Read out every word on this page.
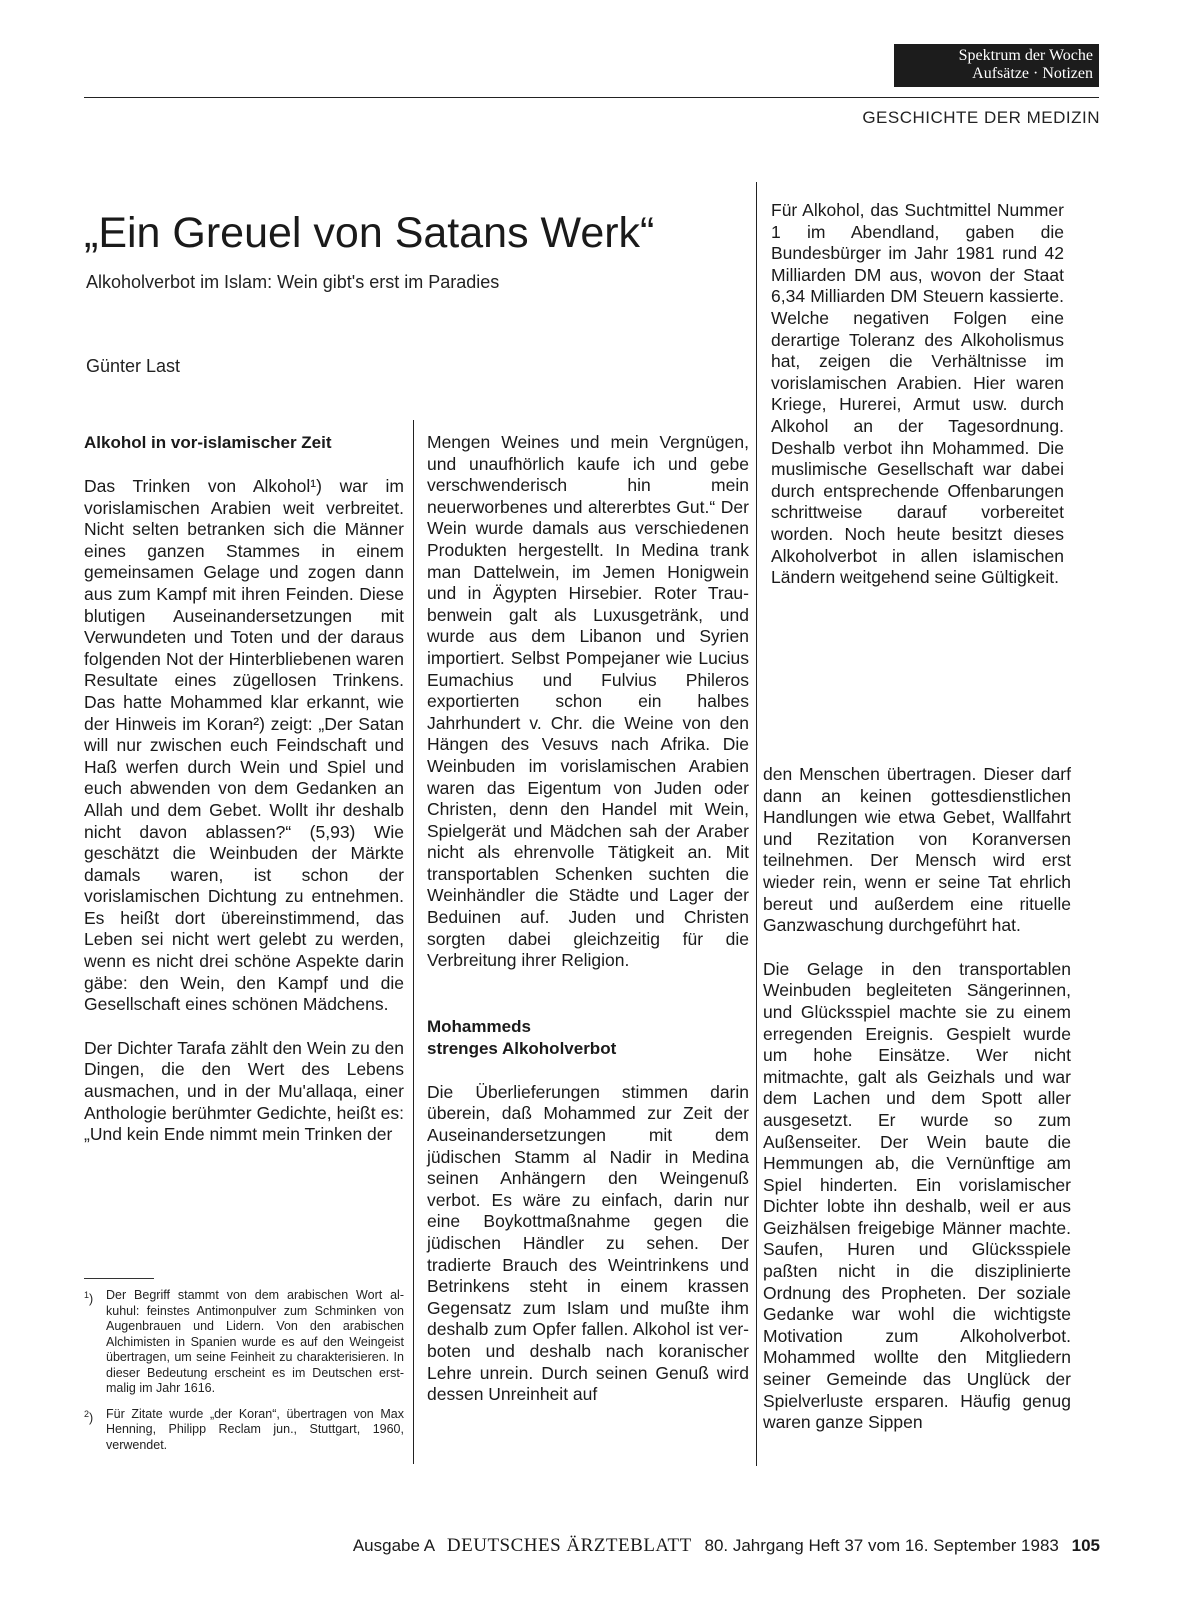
Spektrum der Woche
Aufsätze · Notizen
GESCHICHTE DER MEDIZIN
„Ein Greuel von Satans Werk“
Alkoholverbot im Islam: Wein gibt's erst im Paradies
Günter Last
Alkohol in vor-islamischer Zeit

Das Trinken von Alkohol¹) war im vorislamischen Arabien weit verbreitet. Nicht selten betranken sich die Männer eines ganzen Stammes in einem gemeinsamen Gelage und zogen dann aus zum Kampf mit ihren Feinden. Diese blutigen Auseinandersetzungen mit Verwundeten und Toten und der daraus folgenden Not der Hinterbliebenen waren Resultate eines zügellosen Trinkens. Das hatte Mohammed klar erkannt, wie der Hinweis im Koran²) zeigt: „Der Satan will nur zwischen euch Feindschaft und Haß werfen durch Wein und Spiel und euch abwenden von dem Gedanken an Allah und dem Gebet. Wollt ihr deshalb nicht davon ablassen?“ (5,93) Wie geschätzt die Weinbuden der Märkte damals waren, ist schon der vorislamischen Dichtung zu entnehmen. Es heißt dort übereinstimmend, das Leben sei nicht wert gelebt zu werden, wenn es nicht drei schöne Aspekte darin gäbe: den Wein, den Kampf und die Gesellschaft eines schönen Mädchens.

Der Dichter Tarafa zählt den Wein zu den Dingen, die den Wert des Lebens ausmachen, und in der Mu'allaqa, einer Anthologie berühmter Gedichte, heißt es: „Und kein Ende nimmt mein Trinken der

Mengen Weines und mein Vergnügen, und unaufhörlich kaufe ich und gebe verschwenderisch hin mein neuerworbenes und altererbtes Gut.“ Der Wein wurde damals aus verschiedenen Produkten hergestellt. In Medina trank man Dattelwein, im Jemen Honigwein und in Ägypten Hirsebier. Roter Traubenwein galt als Luxusgetränk, und wurde aus dem Libanon und Syrien importiert. Selbst Pompejaner wie Lucius Eumachius und Fulvius Phileros exportierten schon ein halbes Jahrhundert v. Chr. die Weine von den Hängen des Vesuvs nach Afrika. Die Weinbuden im vorislamischen Arabien waren das Eigentum von Juden oder Christen, denn den Handel mit Wein, Spielgerät und Mädchen sah der Araber nicht als ehrenvolle Tätigkeit an. Mit transportablen Schenken suchten die Weinhändler die Städte und Lager der Beduinen auf. Juden und Christen sorgten dabei gleichzeitig für die Verbreitung ihrer Religion.

Mohammeds
strenges Alkoholverbot

Die Überlieferungen stimmen darin überein, daß Mohammed zur Zeit der Auseinandersetzungen mit dem jüdischen Stamm al Nadir in Medina seinen Anhängern den Weingenuß verbot. Es wäre zu einfach, darin nur eine Boykottmaßnahme gegen die jüdischen Händler zu sehen. Der tradierte Brauch des Weintrinkens und Betrinkens steht in einem krassen Gegensatz zum Islam und mußte ihm deshalb zum Opfer fallen. Alkohol ist verboten und deshalb nach koranischer Lehre unrein. Durch seinen Genuß wird dessen Unreinheit auf

Für Alkohol, das Suchtmittel Nummer 1 im Abendland, gaben die Bundesbürger im Jahr 1981 rund 42 Milliarden DM aus, wovon der Staat 6,34 Milliarden DM Steuern kassierte. Welche negativen Folgen eine derartige Toleranz des Alkoholismus hat, zeigen die Verhältnisse im vorislamischen Arabien. Hier waren Kriege, Hurerei, Armut usw. durch Alkohol an der Tagesordnung. Deshalb verbot ihn Mohammed. Die muslimische Gesellschaft war dabei durch entsprechende Offenbarungen schrittweise darauf vorbereitet worden. Noch heute besitzt dieses Alkoholverbot in allen islamischen Ländern weitgehend seine Gültigkeit.

den Menschen übertragen. Dieser darf dann an keinen gottesdienstlichen Handlungen wie etwa Gebet, Wallfahrt und Rezitation von Koranversen teilnehmen. Der Mensch wird erst wieder rein, wenn er seine Tat ehrlich bereut und außerdem eine rituelle Ganzwaschung durchgeführt hat.

Die Gelage in den transportablen Weinbuden begleiteten Sängerinnen, und Glücksspiel machte sie zu einem erregenden Ereignis. Gespielt wurde um hohe Einsätze. Wer nicht mitmachte, galt als Geizhals und war dem Lachen und dem Spott aller ausgesetzt. Er wurde so zum Außenseiter. Der Wein baute die Hemmungen ab, die Vernünftige am Spiel hinderten. Ein vorislamischer Dichter lobte ihn deshalb, weil er aus Geizhälsen freigebige Männer machte. Saufen, Huren und Glücksspiele paßten nicht in die disziplinierte Ordnung des Propheten. Der soziale Gedanke war wohl die wichtigste Motivation zum Alkoholverbot. Mohammed wollte den Mitgliedern seiner Gemeinde das Unglück der Spielverluste ersparen. Häufig genug waren ganze Sippen

$^1$)	Der Begriff stammt von dem arabischen Wort al-kuhul: feinstes Antimonpulver zum Schminken von Augenbrauen und Lidern. Von den arabischen Alchimisten in Spanien wurde es auf den Weingeist übertragen, um seine Feinheit zu charakterisieren. In dieser Bedeutung erscheint es im Deutschen erstmalig im Jahr 1616.
$^2$)	Für Zitate wurde „der Koran“, übertragen von Max Henning, Philipp Reclam jun., Stuttgart, 1960, verwendet.
Ausgabe A DEUTSCHES ÄRZTEBLATT 80. Jahrgang Heft 37 vom 16. September 1983 105
